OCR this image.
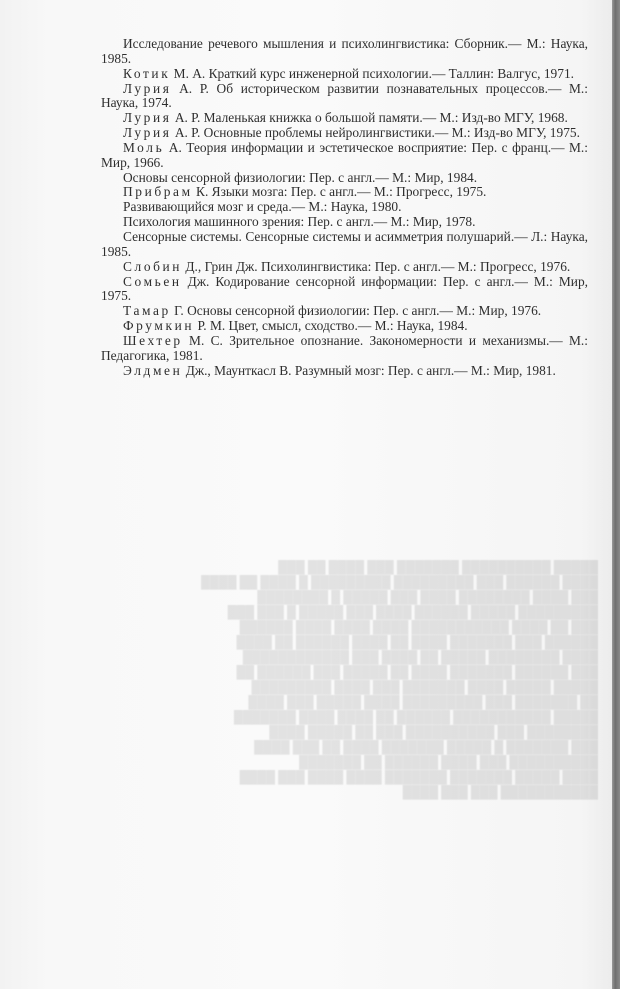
Исследование речевого мышления и психолингвистика: Сборник.— М.: Наука, 1985.
Котик М. А. Краткий курс инженерной психологии.— Таллин: Валгус, 1971.
Лурия А. Р. Об историческом развитии познавательных процессов.— М.: Наука, 1974.
Лурия А. Р. Маленькая книжка о большой памяти.— М.: Изд-во МГУ, 1968.
Лурия А. Р. Основные проблемы нейролингвистики.— М.: Изд-во МГУ, 1975.
Моль А. Теория информации и эстетическое восприятие: Пер. с франц.— М.: Мир, 1966.
Основы сенсорной физиологии: Пер. с англ.— М.: Мир, 1984.
Прибрам К. Языки мозга: Пер. с англ.— М.: Прогресс, 1975.
Развивающийся мозг и среда.— М.: Наука, 1980.
Психология машинного зрения: Пер. с англ.— М.: Мир, 1978.
Сенсорные системы. Сенсорные системы и асимметрия полушарий.— Л.: Наука, 1985.
Слобин Д., Грин Дж. Психолингвистика: Пер. с англ.— М.: Прогресс, 1976.
Сомьен Дж. Кодирование сенсорной информации: Пер. с англ.— М.: Мир, 1975.
Тамар Г. Основы сенсорной физиологии: Пер. с англ.— М.: Мир, 1976.
Фрумкин Р. М. Цвет, смысл, сходство.— М.: Наука, 1984.
Шехтер М. С. Зрительное опознание. Закономерности и механизмы.— М.: Педагогика, 1981.
Элдмен Дж., Маунткасл В. Разумный мозг: Пер. с англ.— М.: Мир, 1981.
